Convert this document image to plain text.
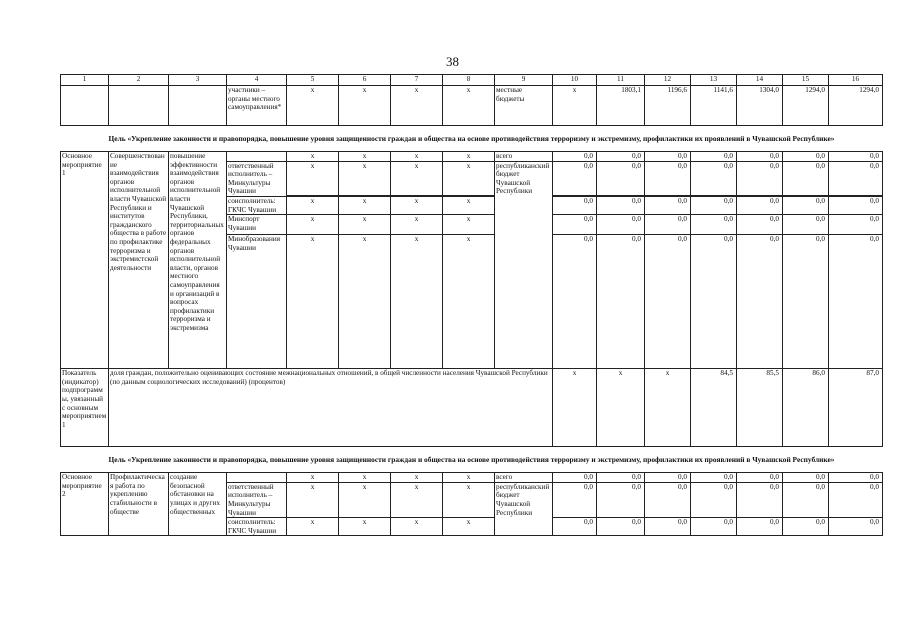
38
1	2	3	4	5	6	7	8	9	10	11	12	13	14	15	16	
			участники – органы местного самоуправления*	x	x	x	x	местные бюджеты	x	1803,1	1196,6	1141,6	1304,0	1294,0	1294,0	
Цель «Укрепление законности и правопорядка, повышение уровня защищенности граждан и общества на основе противодействия терроризму и экстремизму, профилактики их проявлений в Чувашской Республике»																
Основное мероприятие 1	Совершенствование взаимодействия органов исполнительной власти Чувашской Республики и институтов гражданского общества в работе по профилактике терроризма и экстремистской деятельности	повышение эффективности взаимодействия органов исполнительной власти Чувашской Республики, территориальных органов федеральных органов исполнительной власти, органов местного самоуправления и организаций в вопросах профилактики терроризма и экстремизма		x	x	x	x	всего	0,0	0,0	0,0	0,0	0,0	0,0	0,0	
			ответственный исполнитель – Минкультуры Чувашии	x	x	x	x	республиканский бюджет Чувашской Республики	0,0	0,0	0,0	0,0	0,0	0,0	0,0	

			соисполнитель: ГКЧС Чувашии	x	x	x	x		0,0	0,0	0,0	0,0	0,0	0,0	0,0	
			Минспорт Чувашии	x	x	x	x		0,0	0,0	0,0	0,0	0,0	0,0	0,0	
			Минобразования Чувашии	x	x	x	x		0,0	0,0	0,0	0,0	0,0	0,0	0,0	
Показатель (индикатор) подпрограммы, увязанный с основным мероприятием 1	доля граждан, положительно оценивающих состояние межнациональных отношений, в общей численности населения Чувашской Республики (по данным социологических исследований) (процентов)								x	x	x	84,5	85,5	86,0	87,0	
Цель «Укрепление законности и правопорядка, повышение уровня защищенности граждан и общества на основе противодействия терроризму и экстремизму, профилактики их проявлений в Чувашской Республике»																
Основное мероприятие 2	Профилактическая работа по укреплению стабильности в обществе	создание безопасной обстановки на улицах и других общественных		x	x	x	x	всего	0,0	0,0	0,0	0,0	0,0	0,0	0,0	
			ответственный исполнитель – Минкультуры Чувашии	x	x	x	x	республиканский бюджет Чувашской Республики	0,0	0,0	0,0	0,0	0,0	0,0	0,0	
			соисполнитель: ГКЧС Чувашии	x	x	x	x		0,0	0,0	0,0	0,0	0,0	0,0	0,0	
